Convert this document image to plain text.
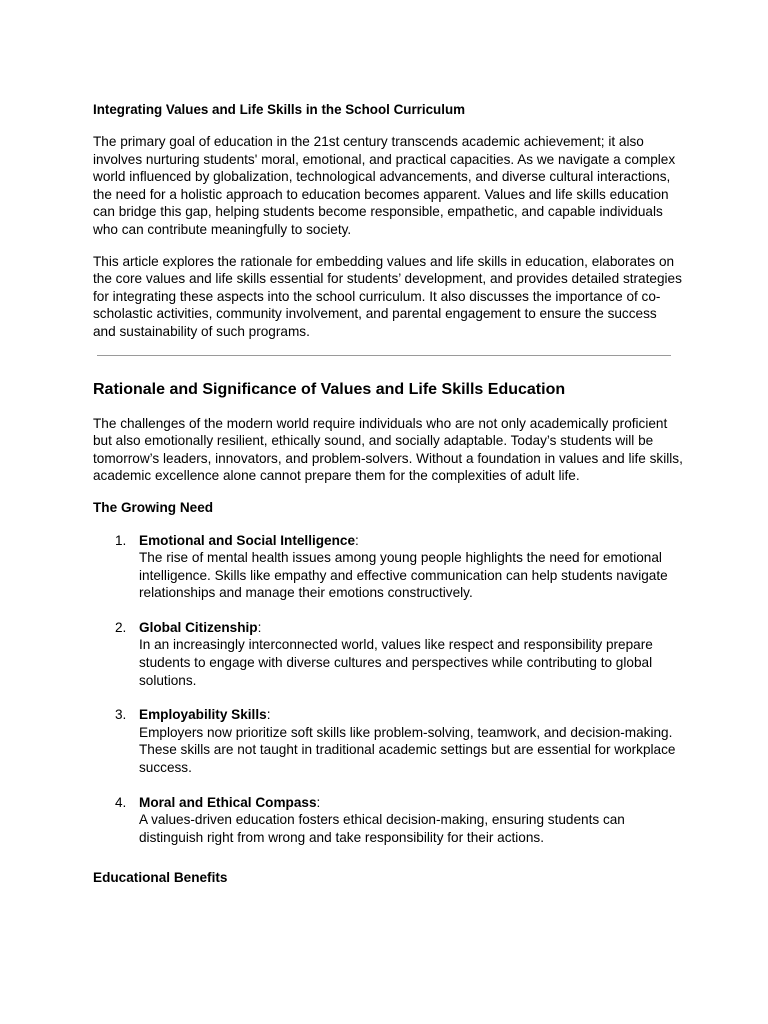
Integrating Values and Life Skills in the School Curriculum

The primary goal of education in the 21st century transcends academic achievement; it also involves nurturing students' moral, emotional, and practical capacities. As we navigate a complex world influenced by globalization, technological advancements, and diverse cultural interactions, the need for a holistic approach to education becomes apparent. Values and life skills education can bridge this gap, helping students become responsible, empathetic, and capable individuals who can contribute meaningfully to society.

This article explores the rationale for embedding values and life skills in education, elaborates on the core values and life skills essential for students’ development, and provides detailed strategies for integrating these aspects into the school curriculum. It also discusses the importance of co-scholastic activities, community involvement, and parental engagement to ensure the success and sustainability of such programs.

Rationale and Significance of Values and Life Skills Education

The challenges of the modern world require individuals who are not only academically proficient but also emotionally resilient, ethically sound, and socially adaptable. Today’s students will be tomorrow’s leaders, innovators, and problem-solvers. Without a foundation in values and life skills, academic excellence alone cannot prepare them for the complexities of adult life.

The Growing Need
1. Emotional and Social Intelligence:
The rise of mental health issues among young people highlights the need for emotional intelligence. Skills like empathy and effective communication can help students navigate relationships and manage their emotions constructively.
2. Global Citizenship:
In an increasingly interconnected world, values like respect and responsibility prepare students to engage with diverse cultures and perspectives while contributing to global solutions.
3. Employability Skills:
Employers now prioritize soft skills like problem-solving, teamwork, and decision-making. These skills are not taught in traditional academic settings but are essential for workplace success.
4. Moral and Ethical Compass:
A values-driven education fosters ethical decision-making, ensuring students can distinguish right from wrong and take responsibility for their actions.
Educational Benefits
